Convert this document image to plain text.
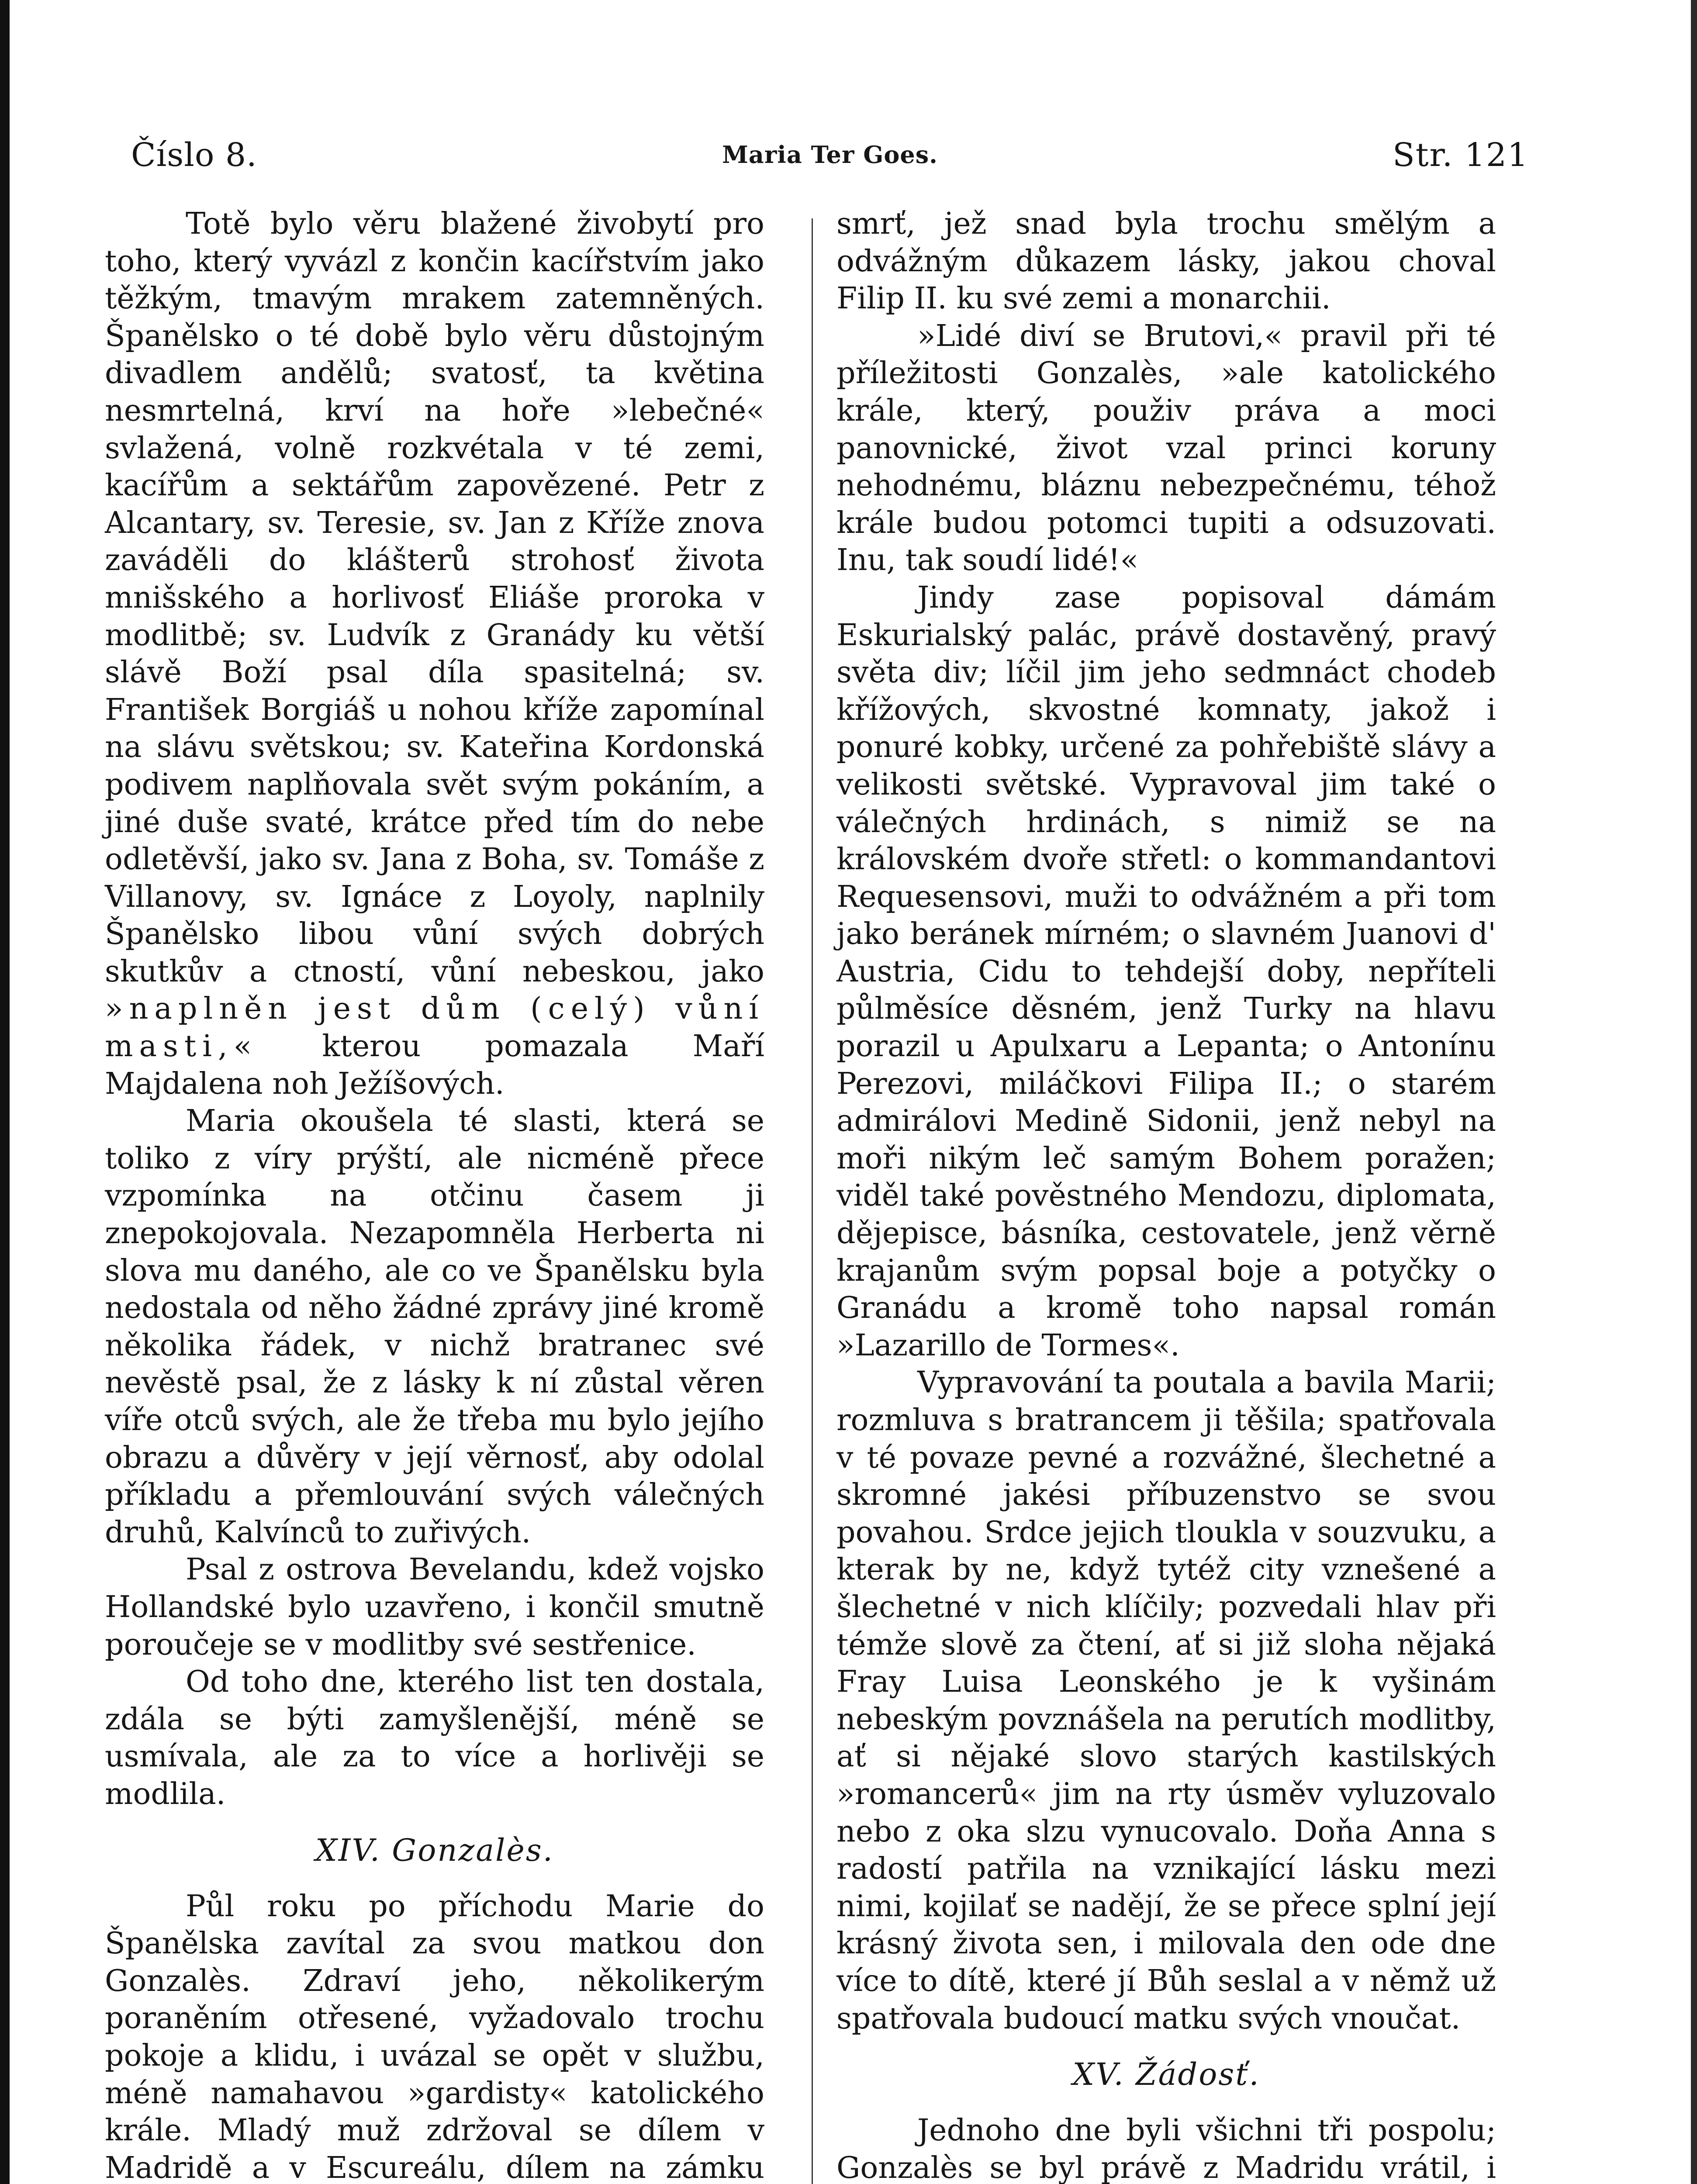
Číslo 8.	Maria Ter Goes.	Str. 121

Totě bylo věru blažené živobytí pro toho, který vyvázl z končin kacířstvím jako těžkým, tmavým mrakem zatemněných. Španělsko o té době bylo věru důstojným divadlem andělů; svatosť, ta květina nesmrtelná, krví na hoře »lebečné« svlažená, volně rozkvétala v té zemi, kacířům a sektářům zapovězené. Petr z Alcantary, sv. Teresie, sv. Jan z Kříže znova zaváděli do klášterů strohosť života mnišského a horlivosť Eliáše proroka v modlitbě; sv. Ludvík z Granády ku větší slávě Boží psal díla spasitelná; sv. František Borgiáš u nohou kříže zapomínal na slávu světskou; sv. Kateřina Kordonská podivem naplňovala svět svým pokáním, a jiné duše svaté, krátce před tím do nebe odletěvší, jako sv. Jana z Boha, sv. Tomáše z Villanovy, sv. Ignáce z Loyoly, naplnily Španělsko libou vůní svých dobrých skutkův a ctností, vůní nebeskou, jako »naplněn jest dům (celý) vůní masti,« kterou pomazala Maří Majdalena noh Ježíšových.

Maria okoušela té slasti, která se toliko z víry prýští, ale nicméně přece vzpomínka na otčinu časem ji znepokojovala. Nezapomněla Herberta ni slova mu daného, ale co ve Španělsku byla nedostala od něho žádné zprávy jiné kromě několika řádek, v nichž bratranec své nevěstě psal, že z lásky k ní zůstal věren víře otců svých, ale že třeba mu bylo jejího obrazu a důvěry v její věrnosť, aby odolal příkladu a přemlouvání svých válečných druhů, Kalvínců to zuřivých.

Psal z ostrova Bevelandu, kdež vojsko Hollandské bylo uzavřeno, i končil smutně poroučeje se v modlitby své sestřenice.

Od toho dne, kterého list ten dostala, zdála se býti zamyšlenější, méně se usmívala, ale za to více a horlivěji se modlila.

XIV. Gonzalès.

Půl roku po příchodu Marie do Španělska zavítal za svou matkou don Gonzalès. Zdraví jeho, několikerým poraněním otřesené, vyžadovalo trochu pokoje a klidu, i uvázal se opět v službu, méně namahavou »gardisty« katolického krále. Mladý muž zdržoval se dílem v Madridě a v Escureálu, dílem na zámku

smrť, jež snad byla trochu smělým a odvážným důkazem lásky, jakou choval Filip II. ku své zemi a monarchii.

»Lidé diví se Brutovi,« pravil při té příležitosti Gonzalès, »ale katolického krále, který, použiv práva a moci panovnické, život vzal princi koruny nehodnému, bláznu nebezpečnému, téhož krále budou potomci tupiti a odsuzovati. Inu, tak soudí lidé!«

Jindy zase popisoval dámám Eskurialský palác, právě dostavěný, pravý světa div; líčil jim jeho sedmnáct chodeb křížových, skvostné komnaty, jakož i ponuré kobky, určené za pohřebiště slávy a velikosti světské. Vypravoval jim také o válečných hrdinách, s nimiž se na královském dvoře střetl: o kommandantovi Requesensovi, muži to odvážném a při tom jako beránek mírném; o slavném Juanovi d' Austria, Cidu to tehdejší doby, nepříteli půlměsíce děsném, jenž Turky na hlavu porazil u Apulxaru a Lepanta; o Antonínu Perezovi, miláčkovi Filipa II.; o starém admirálovi Medině Sidonii, jenž nebyl na moři nikým leč samým Bohem poražen; viděl také pověstného Mendozu, diplomata, dějepisce, básníka, cestovatele, jenž věrně krajanům svým popsal boje a potyčky o Granádu a kromě toho napsal román »Lazarillo de Tormes«.

Vypravování ta poutala a bavila Marii; rozmluva s bratrancem ji těšila; spatřovala v té povaze pevné a rozvážné, šlechetné a skromné jakési příbuzenstvo se svou povahou. Srdce jejich tloukla v souzvuku, a kterak by ne, když tytéž city vznešené a šlechetné v nich klíčily; pozvedali hlav při témže slově za čtení, ať si již sloha nějaká Fray Luisa Leonského je k vyšinám nebeským povznášela na perutích modlitby, ať si nějaké slovo starých kastilských »romancerů« jim na rty úsměv vyluzovalo nebo z oka slzu vynucovalo. Doňa Anna s radostí patřila na vznikající lásku mezi nimi, kojilať se nadějí, že se přece splní její krásný života sen, i milovala den ode dne více to dítě, které jí Bůh seslal a v němž už spatřovala budoucí matku svých vnoučat.

XV. Žádosť.

Jednoho dne byli všichni tři pospolu; Gonzalès se byl právě z Madridu vrátil, i
